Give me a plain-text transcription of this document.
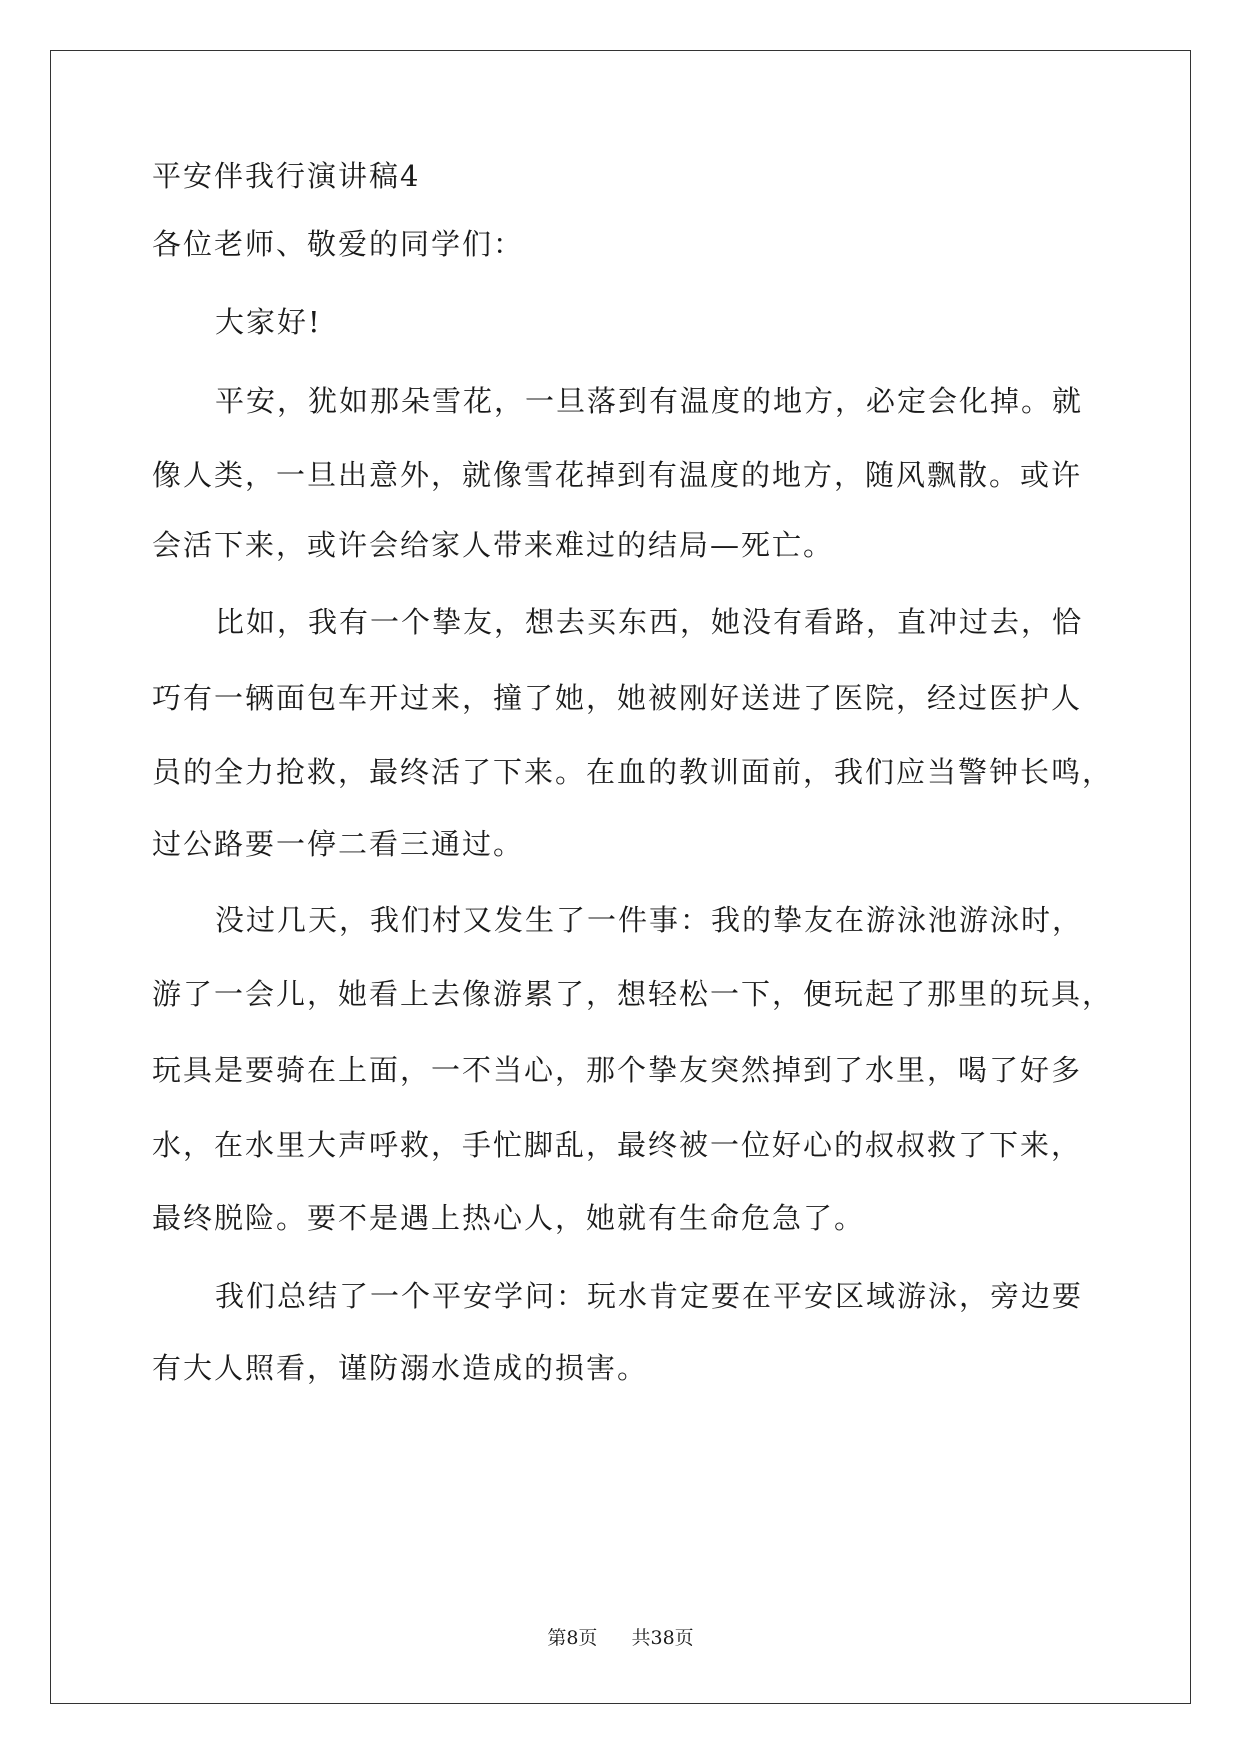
平安伴我行演讲稿4
各位老师、敬爱的同学们：
大家好!
平安，犹如那朵雪花，一旦落到有温度的地方，必定会化掉。就
像人类，一旦出意外，就像雪花掉到有温度的地方，随风飘散。或许
会活下来，或许会给家人带来难过的结局—死亡。
比如，我有一个挚友，想去买东西，她没有看路，直冲过去，恰
巧有一辆面包车开过来，撞了她，她被刚好送进了医院，经过医护人
员的全力抢救，最终活了下来。在血的教训面前，我们应当警钟长鸣，
过公路要一停二看三通过。
没过几天，我们村又发生了一件事：我的挚友在游泳池游泳时，
游了一会儿，她看上去像游累了，想轻松一下，便玩起了那里的玩具，
玩具是要骑在上面，一不当心，那个挚友突然掉到了水里，喝了好多
水，在水里大声呼救，手忙脚乱，最终被一位好心的叔叔救了下来，
最终脱险。要不是遇上热心人，她就有生命危急了。
我们总结了一个平安学问：玩水肯定要在平安区域游泳，旁边要
有大人照看，谨防溺水造成的损害。
第8页 共38页
